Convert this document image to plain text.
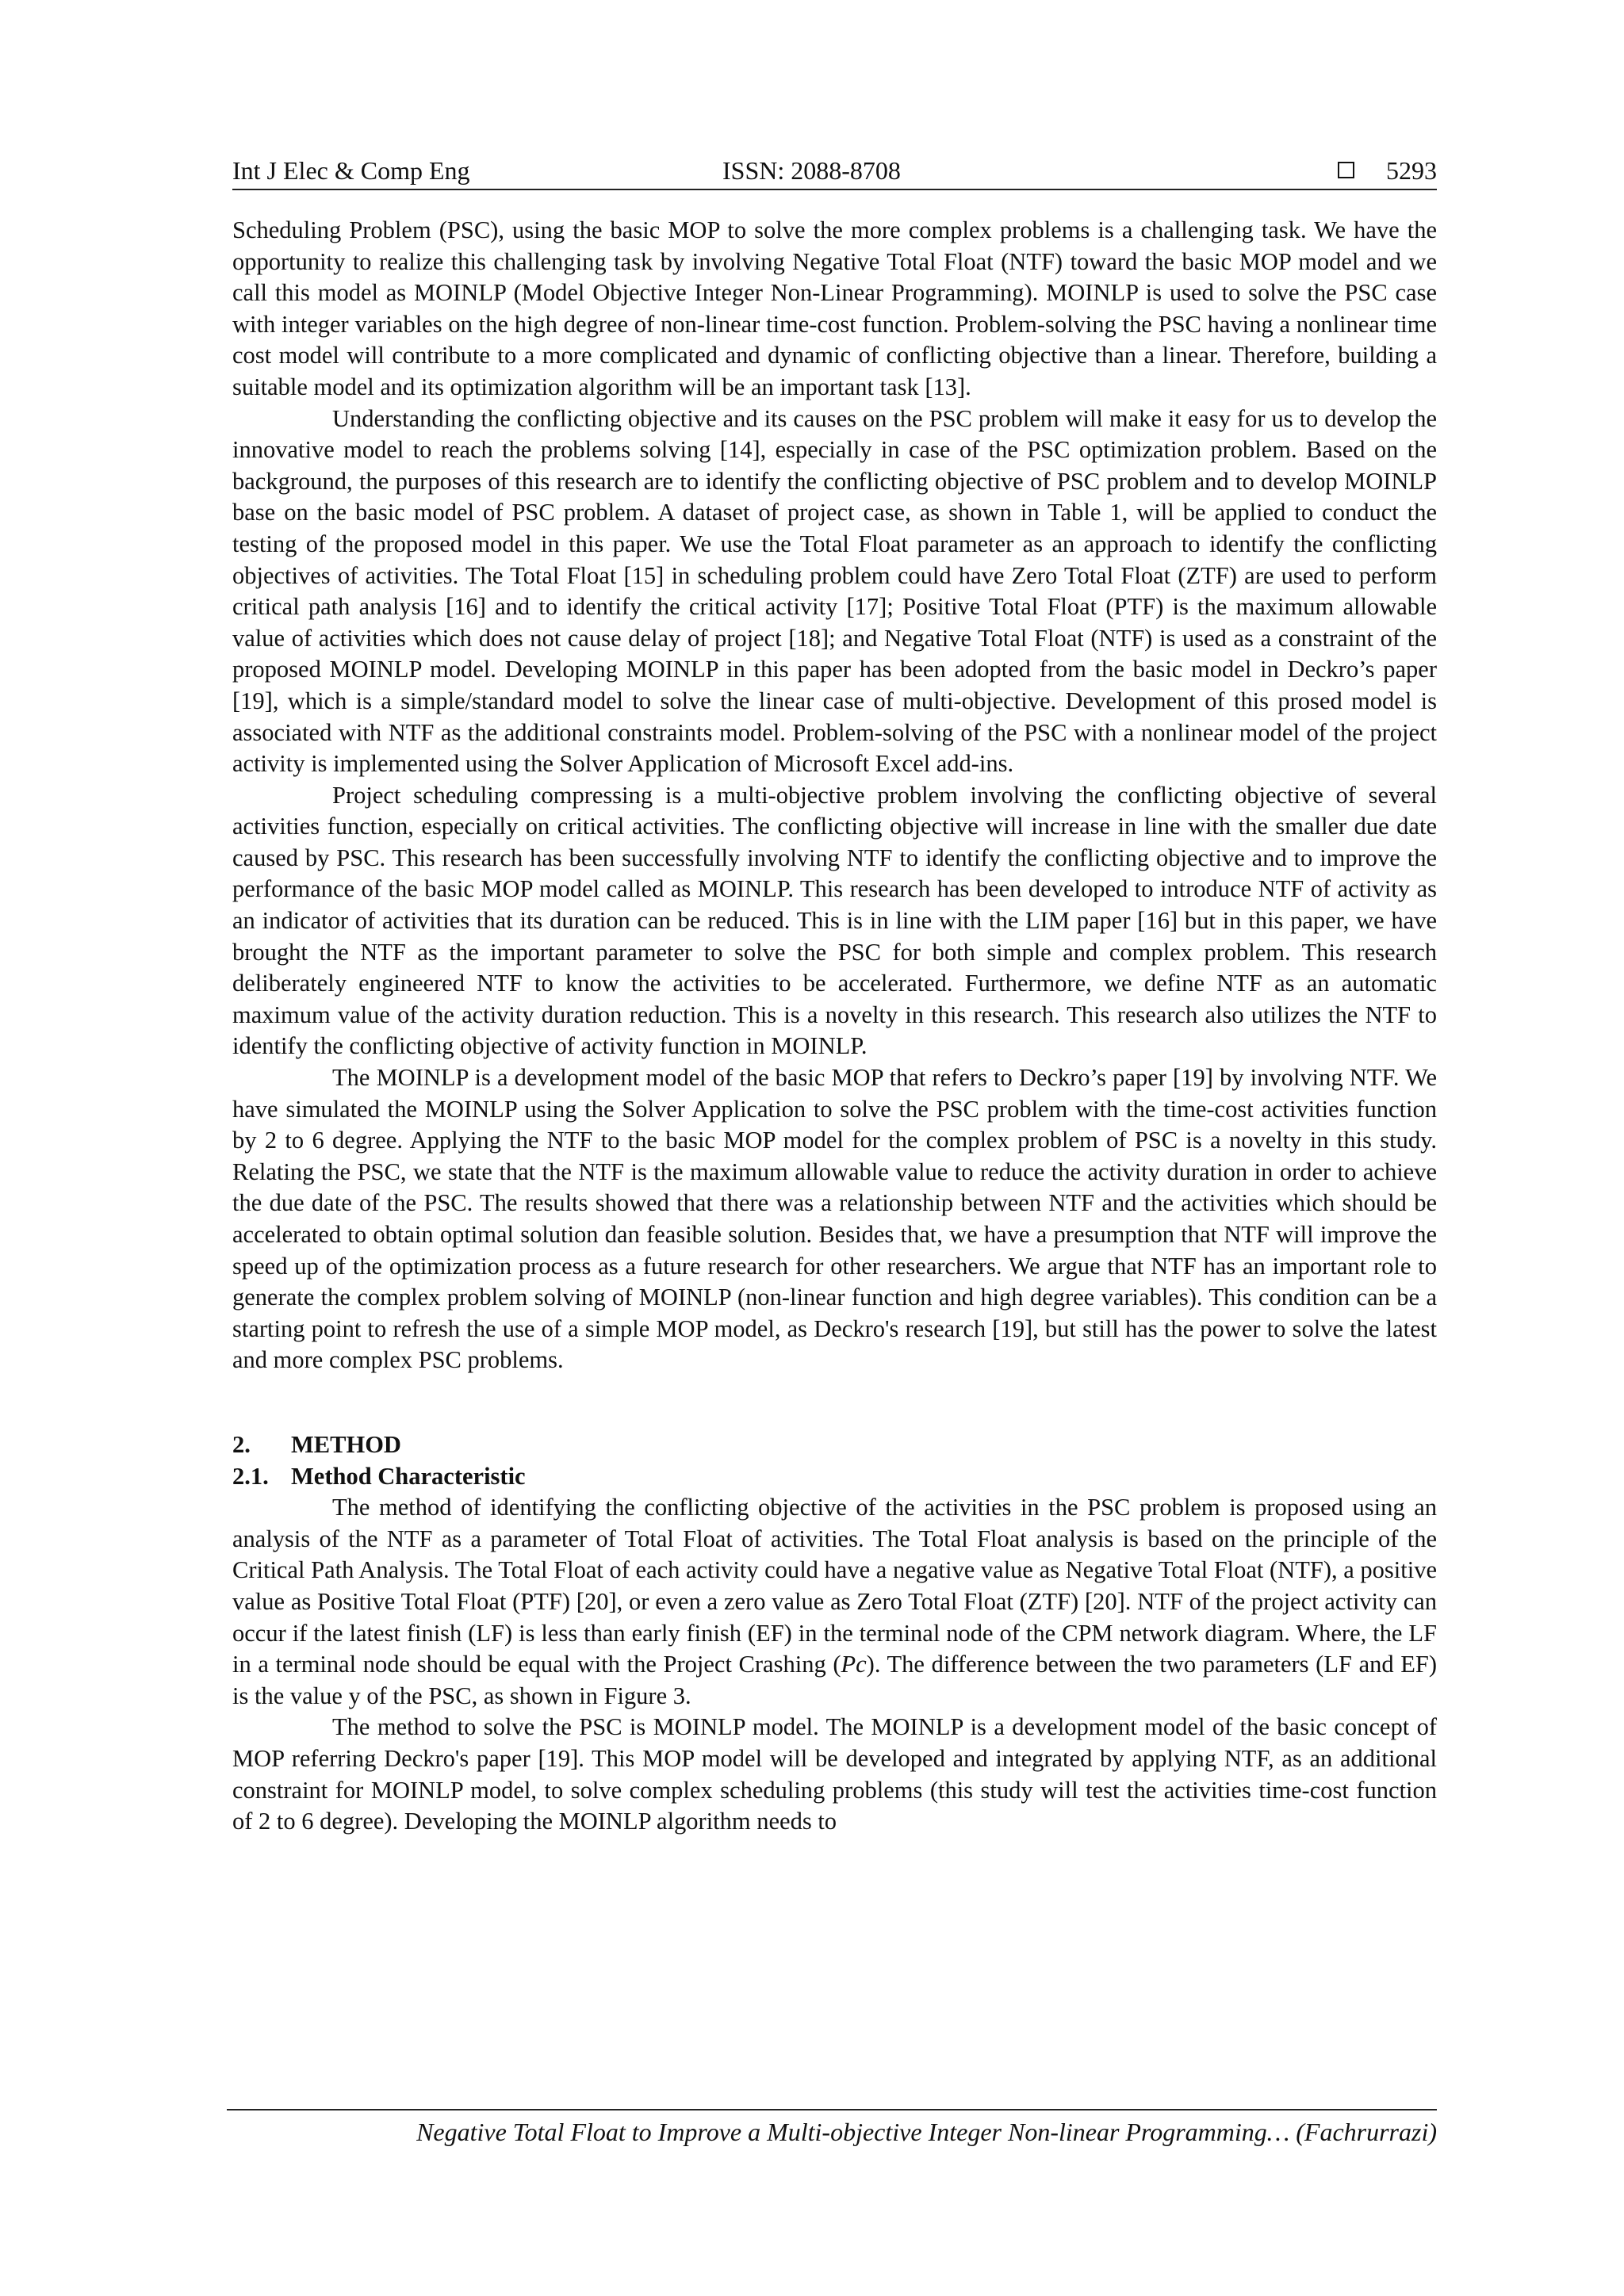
Int J Elec & Comp Eng	ISSN: 2088-8708	5293

Scheduling Problem (PSC), using the basic MOP to solve the more complex problems is a challenging task. We have the opportunity to realize this challenging task by involving Negative Total Float (NTF) toward the basic MOP model and we call this model as MOINLP (Model Objective Integer Non-Linear Programming). MOINLP is used to solve the PSC case with integer variables on the high degree of non-linear time-cost function. Problem-solving the PSC having a nonlinear time cost model will contribute to a more complicated and dynamic of conflicting objective than a linear. Therefore, building a suitable model and its optimization algorithm will be an important task [13].

Understanding the conflicting objective and its causes on the PSC problem will make it easy for us to develop the innovative model to reach the problems solving [14], especially in case of the PSC optimization problem. Based on the background, the purposes of this research are to identify the conflicting objective of PSC problem and to develop MOINLP base on the basic model of PSC problem. A dataset of project case, as shown in Table 1, will be applied to conduct the testing of the proposed model in this paper. We use the Total Float parameter as an approach to identify the conflicting objectives of activities. The Total Float [15] in scheduling problem could have Zero Total Float (ZTF) are used to perform critical path analysis [16] and to identify the critical activity [17]; Positive Total Float (PTF) is the maximum allowable value of activities which does not cause delay of project [18]; and Negative Total Float (NTF) is used as a constraint of the proposed MOINLP model. Developing MOINLP in this paper has been adopted from the basic model in Deckro’s paper [19], which is a simple/standard model to solve the linear case of multi-objective. Development of this prosed model is associated with NTF as the additional constraints model. Problem-solving of the PSC with a nonlinear model of the project activity is implemented using the Solver Application of Microsoft Excel add-ins.

Project scheduling compressing is a multi-objective problem involving the conflicting objective of several activities function, especially on critical activities. The conflicting objective will increase in line with the smaller due date caused by PSC. This research has been successfully involving NTF to identify the conflicting objective and to improve the performance of the basic MOP model called as MOINLP. This research has been developed to introduce NTF of activity as an indicator of activities that its duration can be reduced. This is in line with the LIM paper [16] but in this paper, we have brought the NTF as the important parameter to solve the PSC for both simple and complex problem. This research deliberately engineered NTF to know the activities to be accelerated. Furthermore, we define NTF as an automatic maximum value of the activity duration reduction. This is a novelty in this research. This research also utilizes the NTF to identify the conflicting objective of activity function in MOINLP.

The MOINLP is a development model of the basic MOP that refers to Deckro’s paper [19] by involving NTF. We have simulated the MOINLP using the Solver Application to solve the PSC problem with the time-cost activities function by 2 to 6 degree. Applying the NTF to the basic MOP model for the complex problem of PSC is a novelty in this study. Relating the PSC, we state that the NTF is the maximum allowable value to reduce the activity duration in order to achieve the due date of the PSC. The results showed that there was a relationship between NTF and the activities which should be accelerated to obtain optimal solution dan feasible solution. Besides that, we have a presumption that NTF will improve the speed up of the optimization process as a future research for other researchers. We argue that NTF has an important role to generate the complex problem solving of MOINLP (non-linear function and high degree variables). This condition can be a starting point to refresh the use of a simple MOP model, as Deckro's research [19], but still has the power to solve the latest and more complex PSC problems.

2. METHOD

2.1. Method Characteristic

The method of identifying the conflicting objective of the activities in the PSC problem is proposed using an analysis of the NTF as a parameter of Total Float of activities. The Total Float analysis is based on the principle of the Critical Path Analysis. The Total Float of each activity could have a negative value as Negative Total Float (NTF), a positive value as Positive Total Float (PTF) [20], or even a zero value as Zero Total Float (ZTF) [20]. NTF of the project activity can occur if the latest finish (LF) is less than early finish (EF) in the terminal node of the CPM network diagram. Where, the LF in a terminal node should be equal with the Project Crashing (Pc). The difference between the two parameters (LF and EF) is the value y of the PSC, as shown in Figure 3.

The method to solve the PSC is MOINLP model. The MOINLP is a development model of the basic concept of MOP referring Deckro's paper [19]. This MOP model will be developed and integrated by applying NTF, as an additional constraint for MOINLP model, to solve complex scheduling problems (this study will test the activities time-cost function of 2 to 6 degree). Developing the MOINLP algorithm needs to

Negative Total Float to Improve a Multi-objective Integer Non-linear Programming… (Fachrurrazi)
